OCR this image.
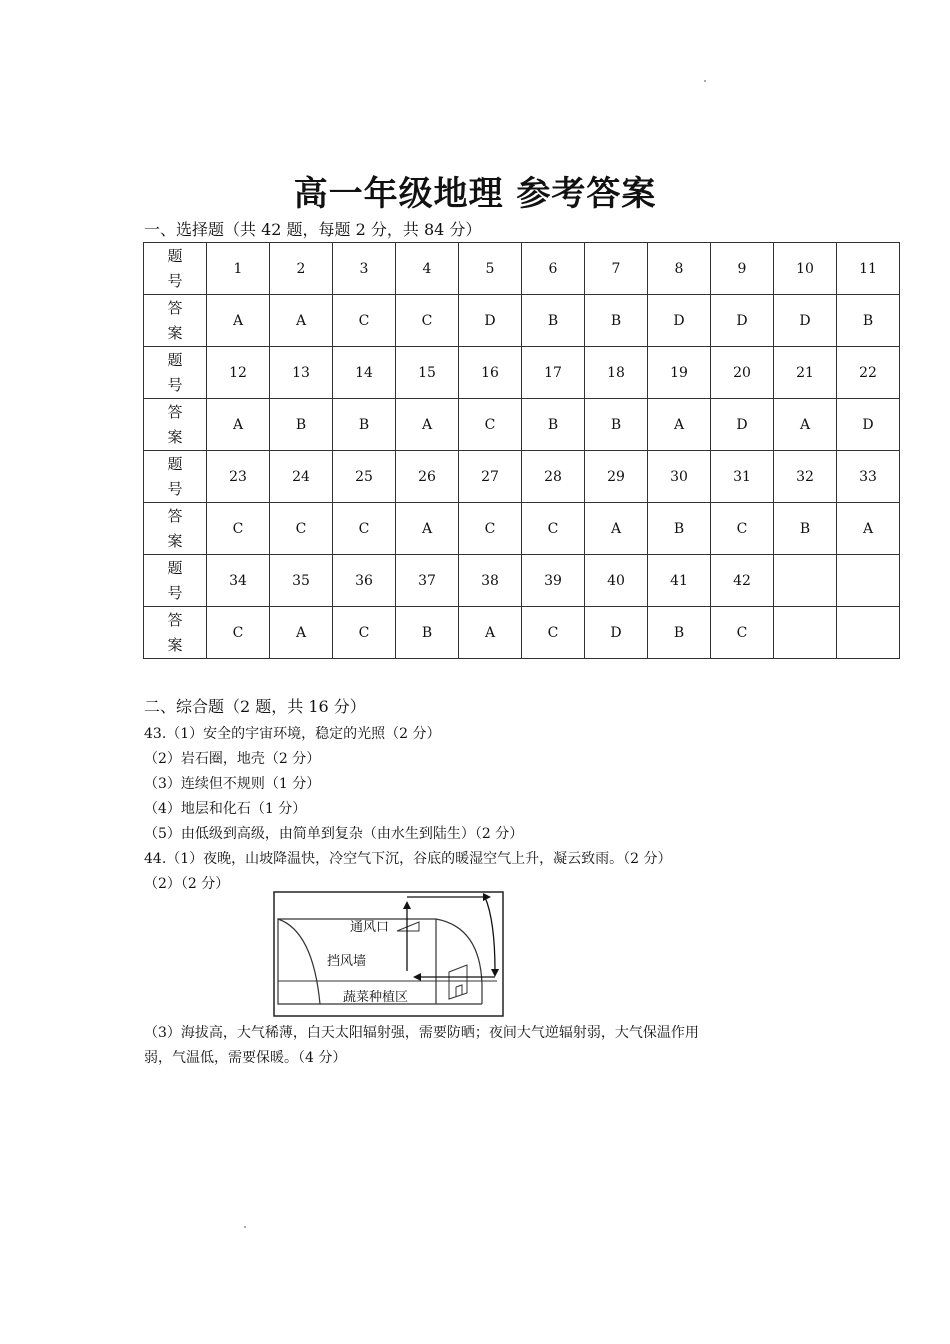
高一年级地理 参考答案
一、选择题（共 42 题，每题 2 分，共 84 分）
题
号	1	2	3	4	5	6	7	8	9	10	11

答
案	A	A	C	C	D	B	B	D	D	D	B

题
号	12	13	14	15	16	17	18	19	20	21	22

答
案	A	B	B	A	C	B	B	A	D	A	D

题
号	23	24	25	26	27	28	29	30	31	32	33

答
案	C	C	C	A	C	C	A	B	C	B	A

题
号	34	35	36	37	38	39	40	41	42		

答
案	C	A	C	B	A	C	D	B	C		
二、综合题（2 题，共 16 分）
43.（1）安全的宇宙环境，稳定的光照（2 分）
（2）岩石圈，地壳（2 分）
（3）连续但不规则（1 分）
（4）地层和化石（1 分）
（5）由低级到高级，由简单到复杂（由水生到陆生）（2 分）
44.（1）夜晚，山坡降温快，冷空气下沉，谷底的暖湿空气上升，凝云致雨。（2 分）
（2）（2 分）
通风口
挡风墙
蔬菜种植区
（3）海拔高，大气稀薄，白天太阳辐射强，需要防晒；夜间大气逆辐射弱，大气保温作用
弱，气温低，需要保暖。（4 分）
